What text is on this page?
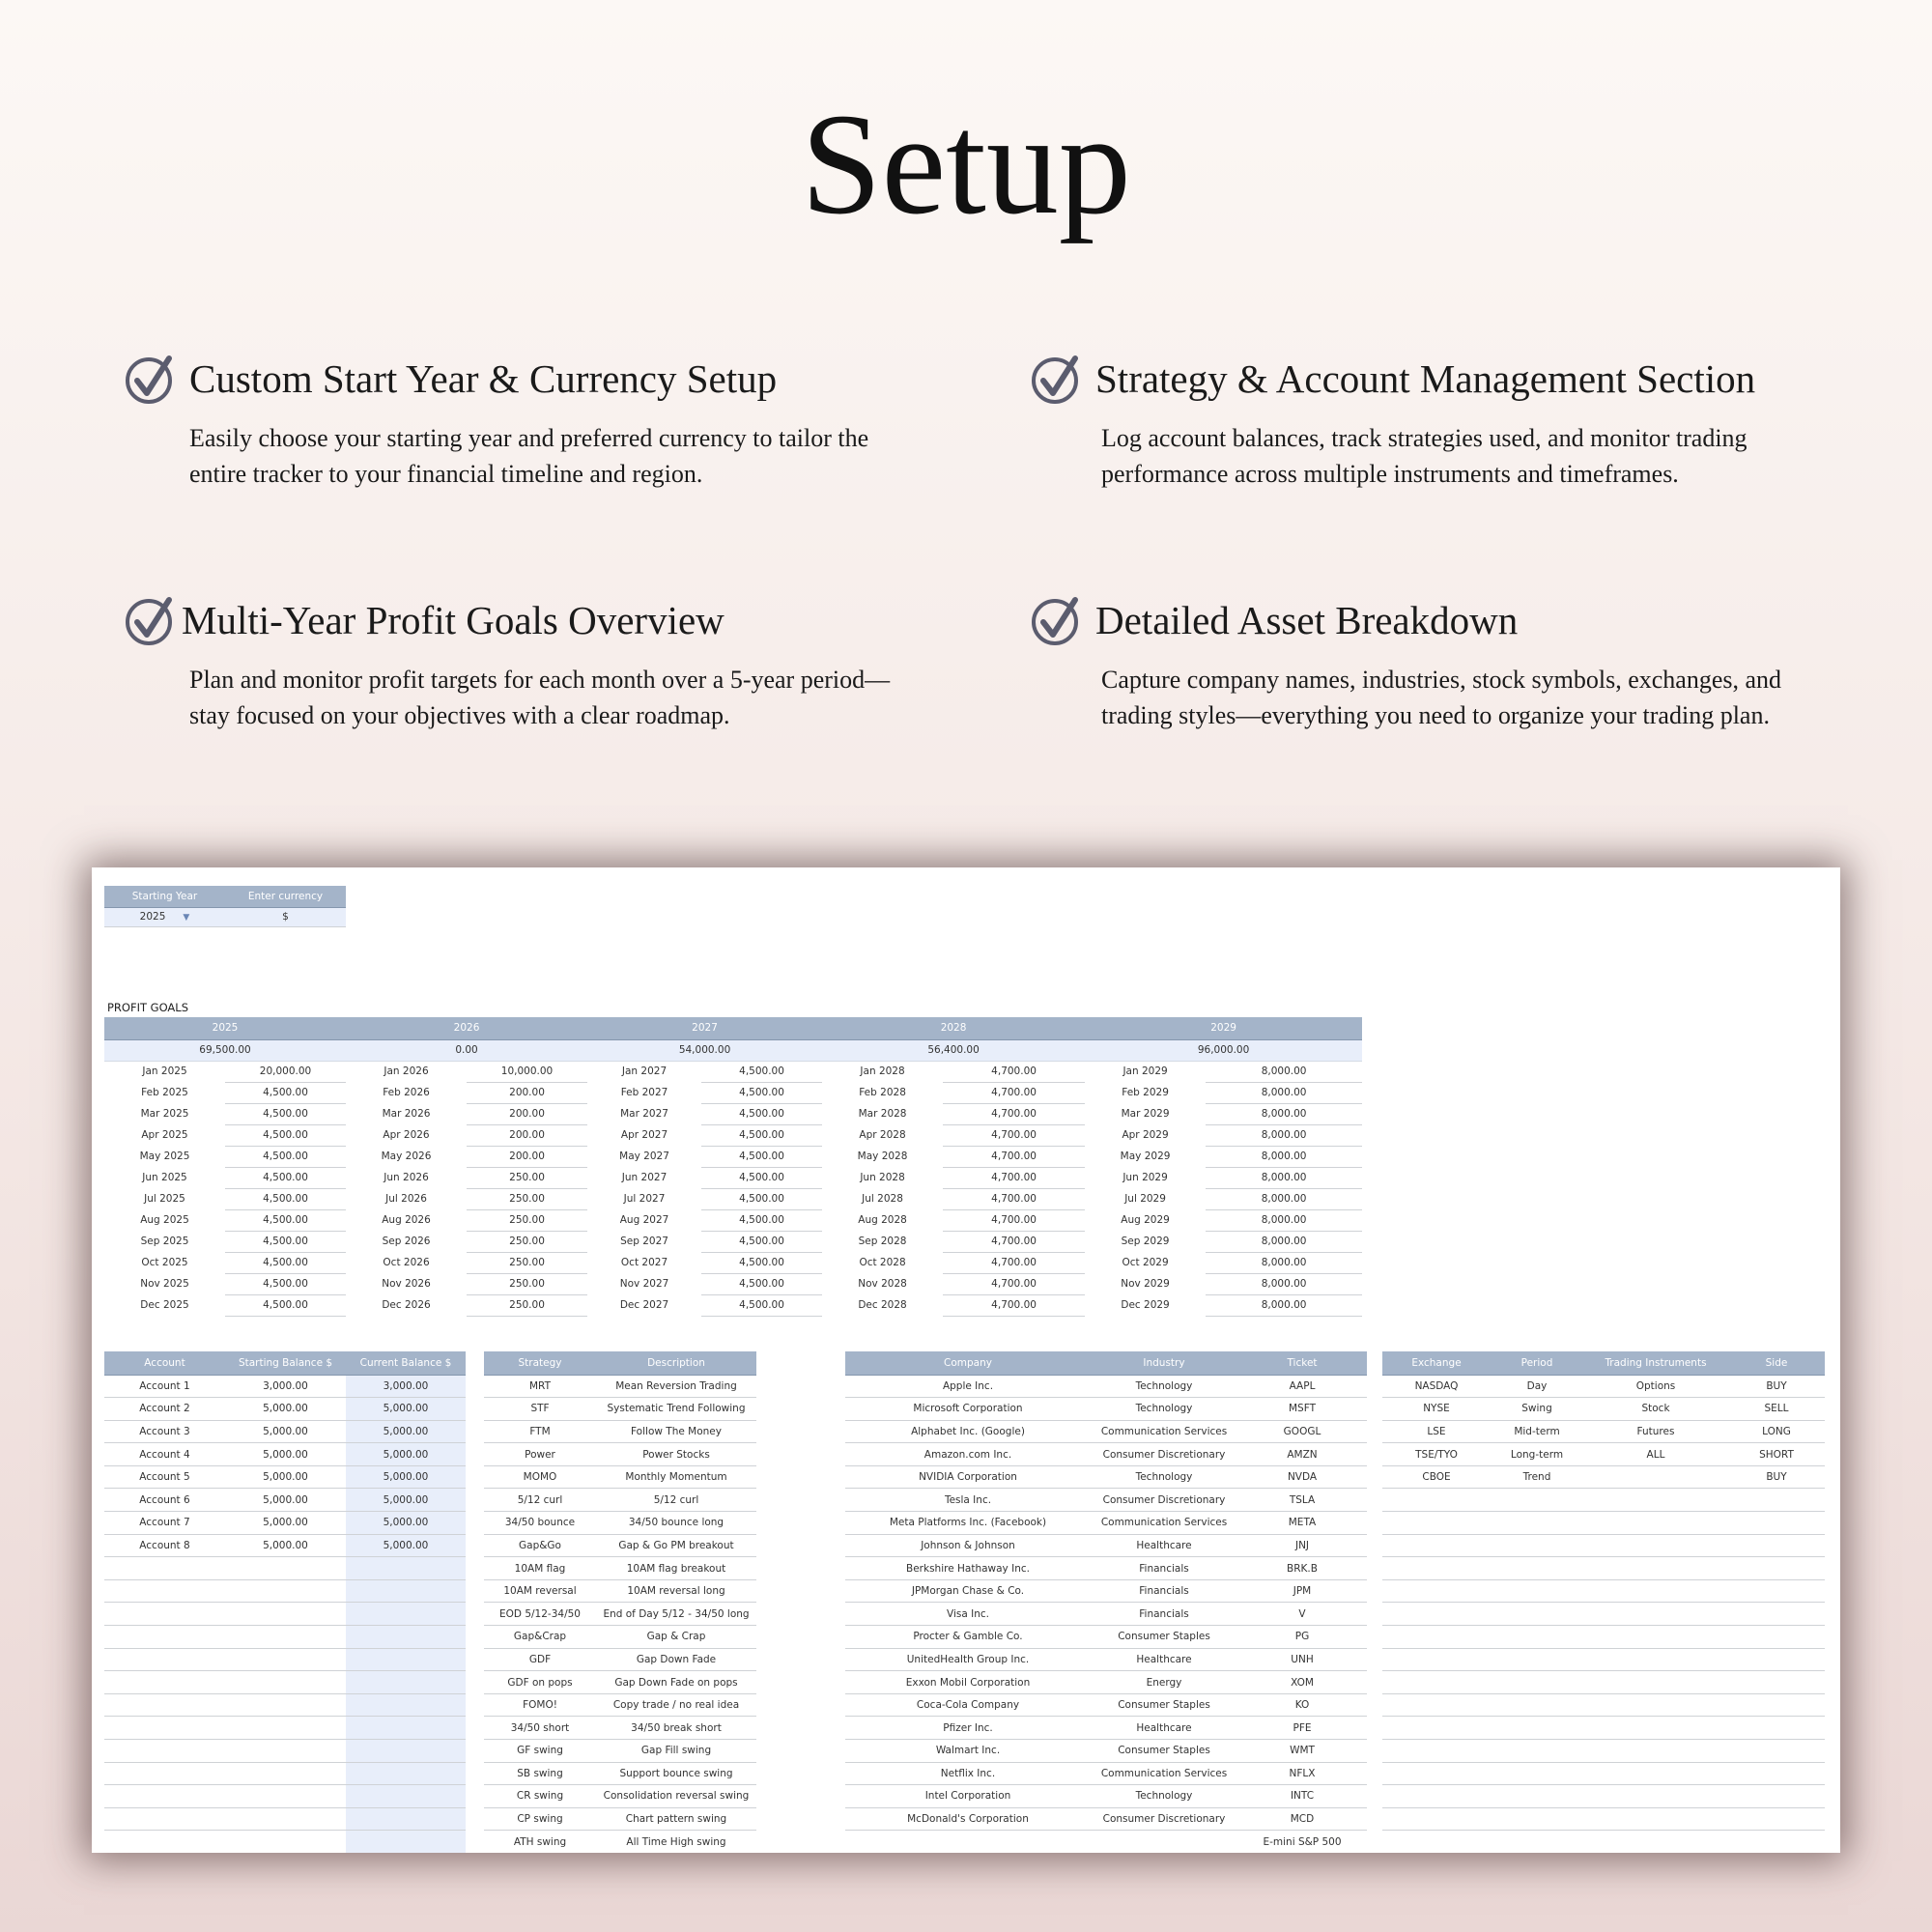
Setup
Custom Start Year & Currency Setup

Easily choose your starting year and preferred currency to tailor the entire tracker to your financial timeline and region.

Strategy & Account Management Section

Log account balances, track strategies used, and monitor trading performance across multiple instruments and timeframes.

Multi-Year Profit Goals Overview

Plan and monitor profit targets for each month over a 5-year period—stay focused on your objectives with a clear roadmap.

Detailed Asset Breakdown

Capture company names, industries, stock symbols, exchanges, and trading styles—everything you need to organize your trading plan.

Starting Year	Enter currency
2025 ▼	$
PROFIT GOALS
2025		2026		2027		2028		2029	
69,500.00		0.00		54,000.00		56,400.00		96,000.00	
Jan 2025	20,000.00	Jan 2026	10,000.00	Jan 2027	4,500.00	Jan 2028	4,700.00	Jan 2029	8,000.00
Feb 2025	4,500.00	Feb 2026	200.00	Feb 2027	4,500.00	Feb 2028	4,700.00	Feb 2029	8,000.00
Mar 2025	4,500.00	Mar 2026	200.00	Mar 2027	4,500.00	Mar 2028	4,700.00	Mar 2029	8,000.00
Apr 2025	4,500.00	Apr 2026	200.00	Apr 2027	4,500.00	Apr 2028	4,700.00	Apr 2029	8,000.00
May 2025	4,500.00	May 2026	200.00	May 2027	4,500.00	May 2028	4,700.00	May 2029	8,000.00
Jun 2025	4,500.00	Jun 2026	250.00	Jun 2027	4,500.00	Jun 2028	4,700.00	Jun 2029	8,000.00
Jul 2025	4,500.00	Jul 2026	250.00	Jul 2027	4,500.00	Jul 2028	4,700.00	Jul 2029	8,000.00
Aug 2025	4,500.00	Aug 2026	250.00	Aug 2027	4,500.00	Aug 2028	4,700.00	Aug 2029	8,000.00
Sep 2025	4,500.00	Sep 2026	250.00	Sep 2027	4,500.00	Sep 2028	4,700.00	Sep 2029	8,000.00
Oct 2025	4,500.00	Oct 2026	250.00	Oct 2027	4,500.00	Oct 2028	4,700.00	Oct 2029	8,000.00
Nov 2025	4,500.00	Nov 2026	250.00	Nov 2027	4,500.00	Nov 2028	4,700.00	Nov 2029	8,000.00
Dec 2025	4,500.00	Dec 2026	250.00	Dec 2027	4,500.00	Dec 2028	4,700.00	Dec 2029	8,000.00
Account	Starting Balance $	Current Balance $
Account 1	3,000.00	3,000.00
Account 2	5,000.00	5,000.00
Account 3	5,000.00	5,000.00
Account 4	5,000.00	5,000.00
Account 5	5,000.00	5,000.00
Account 6	5,000.00	5,000.00
Account 7	5,000.00	5,000.00
Account 8	5,000.00	5,000.00

Strategy	Description
MRT	Mean Reversion Trading
STF	Systematic Trend Following
FTM	Follow The Money
Power	Power Stocks
MOMO	Monthly Momentum
5/12 curl	5/12 curl
34/50 bounce	34/50 bounce long
Gap&Go	Gap & Go PM breakout
10AM flag	10AM flag breakout
10AM reversal	10AM reversal long
EOD 5/12-34/50	End of Day 5/12 - 34/50 long
Gap&Crap	Gap & Crap
GDF	Gap Down Fade
GDF on pops	Gap Down Fade on pops
FOMO!	Copy trade / no real idea
34/50 short	34/50 break short
GF swing	Gap Fill swing
SB swing	Support bounce swing
CR swing	Consolidation reversal swing
CP swing	Chart pattern swing
ATH swing	All Time High swing
Company	Industry	Ticket
Apple Inc.	Technology	AAPL
Microsoft Corporation	Technology	MSFT
Alphabet Inc. (Google)	Communication Services	GOOGL
Amazon.com Inc.	Consumer Discretionary	AMZN
NVIDIA Corporation	Technology	NVDA
Tesla Inc.	Consumer Discretionary	TSLA
Meta Platforms Inc. (Facebook)	Communication Services	META
Johnson & Johnson	Healthcare	JNJ
Berkshire Hathaway Inc.	Financials	BRK.B
JPMorgan Chase & Co.	Financials	JPM
Visa Inc.	Financials	V
Procter & Gamble Co.	Consumer Staples	PG
UnitedHealth Group Inc.	Healthcare	UNH
Exxon Mobil Corporation	Energy	XOM
Coca-Cola Company	Consumer Staples	KO
Pfizer Inc.	Healthcare	PFE
Walmart Inc.	Consumer Staples	WMT
Netflix Inc.	Communication Services	NFLX
Intel Corporation	Technology	INTC
McDonald's Corporation	Consumer Discretionary	MCD
		E-mini S&P 500
Exchange	Period	Trading Instruments	Side
NASDAQ	Day	Options	BUY
NYSE	Swing	Stock	SELL
LSE	Mid-term	Futures	LONG
TSE/TYO	Long-term	ALL	SHORT
CBOE	Trend		BUY
